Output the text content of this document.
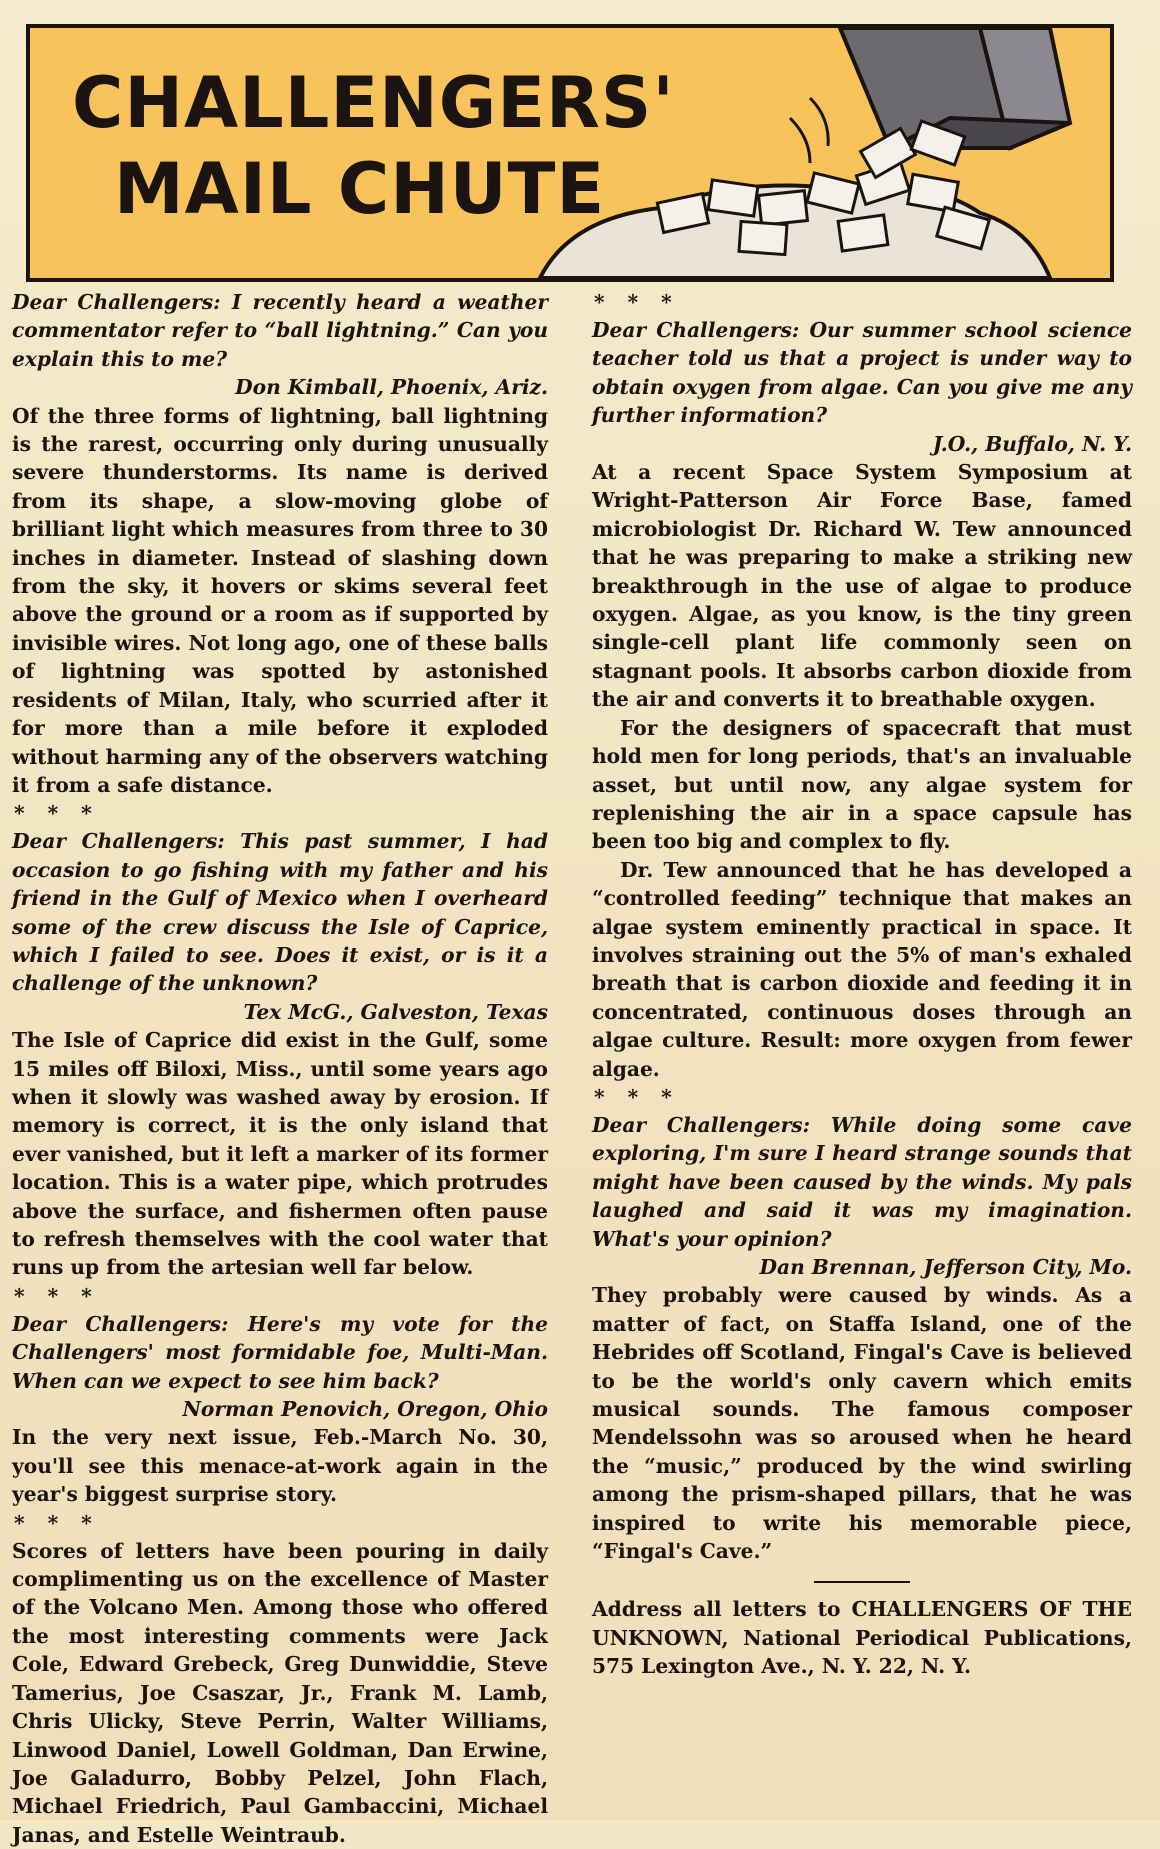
CHALLENGERS'
MAIL CHUTE

Dear Challengers: I recently heard a weather commentator refer to “ball lightning.” Can you explain this to me?

Don Kimball, Phoenix, Ariz.

Of the three forms of lightning, ball lightning is the rarest, occurring only during unusually severe thunderstorms. Its name is derived from its shape, a slow-moving globe of brilliant light which measures from three to 30 inches in diameter. Instead of slashing down from the sky, it hovers or skims several feet above the ground or a room as if supported by invisible wires. Not long ago, one of these balls of lightning was spotted by astonished residents of Milan, Italy, who scurried after it for more than a mile before it exploded without harming any of the observers watching it from a safe distance.

* * *

Dear Challengers: This past summer, I had occasion to go fishing with my father and his friend in the Gulf of Mexico when I overheard some of the crew discuss the Isle of Caprice, which I failed to see. Does it exist, or is it a challenge of the unknown?

Tex McG., Galveston, Texas

The Isle of Caprice did exist in the Gulf, some 15 miles off Biloxi, Miss., until some years ago when it slowly was washed away by erosion. If memory is correct, it is the only island that ever vanished, but it left a marker of its former location. This is a water pipe, which protrudes above the surface, and fishermen often pause to refresh themselves with the cool water that runs up from the artesian well far below.

* * *

Dear Challengers: Here's my vote for the Challengers' most formidable foe, Multi-Man. When can we expect to see him back?

Norman Penovich, Oregon, Ohio

In the very next issue, Feb.-March No. 30, you'll see this menace-at-work again in the year's biggest surprise story.

* * *

Scores of letters have been pouring in daily complimenting us on the excellence of Master of the Volcano Men. Among those who offered the most interesting comments were Jack Cole, Edward Grebeck, Greg Dunwiddie, Steve Tamerius, Joe Csaszar, Jr., Frank M. Lamb, Chris Ulicky, Steve Perrin, Walter Williams, Linwood Daniel, Lowell Goldman, Dan Erwine, Joe Galadurro, Bobby Pelzel, John Flach, Michael Friedrich, Paul Gambaccini, Michael Janas, and Estelle Weintraub.

* * *

Dear Challengers: Our summer school science teacher told us that a project is under way to obtain oxygen from algae. Can you give me any further information?

J.O., Buffalo, N. Y.

At a recent Space System Symposium at Wright-Patterson Air Force Base, famed microbiologist Dr. Richard W. Tew announced that he was preparing to make a striking new breakthrough in the use of algae to produce oxygen. Algae, as you know, is the tiny green single-cell plant life commonly seen on stagnant pools. It absorbs carbon dioxide from the air and converts it to breathable oxygen.

For the designers of spacecraft that must hold men for long periods, that's an invaluable asset, but until now, any algae system for replenishing the air in a space capsule has been too big and complex to fly.

Dr. Tew announced that he has developed a “controlled feeding” technique that makes an algae system eminently practical in space. It involves straining out the 5% of man's exhaled breath that is carbon dioxide and feeding it in concentrated, continuous doses through an algae culture. Result: more oxygen from fewer algae.

* * *

Dear Challengers: While doing some cave exploring, I'm sure I heard strange sounds that might have been caused by the winds. My pals laughed and said it was my imagination. What's your opinion?

Dan Brennan, Jefferson City, Mo.

They probably were caused by winds. As a matter of fact, on Staffa Island, one of the Hebrides off Scotland, Fingal's Cave is believed to be the world's only cavern which emits musical sounds. The famous composer Mendelssohn was so aroused when he heard the “music,” produced by the wind swirling among the prism-shaped pillars, that he was inspired to write his memorable piece, “Fingal's Cave.”

Address all letters to CHALLENGERS OF THE UNKNOWN, National Periodical Publications, 575 Lexington Ave., N. Y. 22, N. Y.
